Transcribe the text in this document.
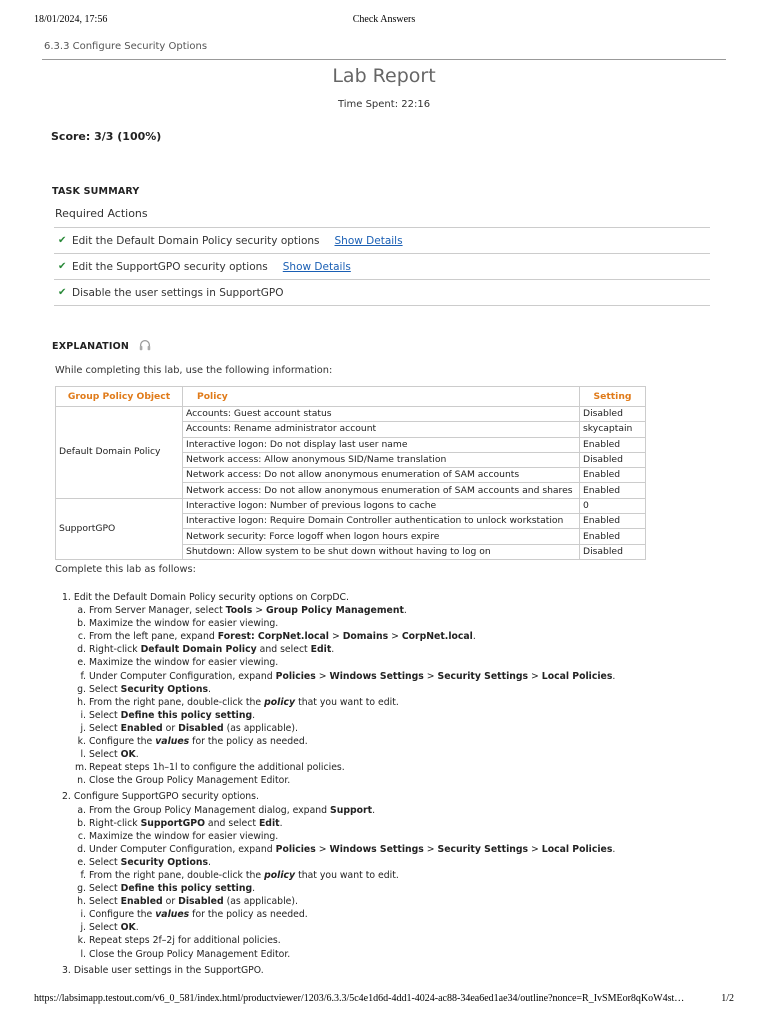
18/01/2024, 17:56	Check Answers
6.3.3 Configure Security Options
Lab Report
Time Spent: 22:16
Score: 3/3 (100%)
TASK SUMMARY
Required Actions
✔ Edit the Default Domain Policy security options Show Details
✔ Edit the SupportGPO security options Show Details
✔ Disable the user settings in SupportGPO
EXPLANATION
While completing this lab, use the following information:
Group Policy Object	Policy	Setting
Default Domain Policy	Accounts: Guest account status	Disabled
	Accounts: Rename administrator account	skycaptain
	Interactive logon: Do not display last user name	Enabled
	Network access: Allow anonymous SID/Name translation	Disabled
	Network access: Do not allow anonymous enumeration of SAM accounts	Enabled
	Network access: Do not allow anonymous enumeration of SAM accounts and shares	Enabled
SupportGPO	Interactive logon: Number of previous logons to cache	0
	Interactive logon: Require Domain Controller authentication to unlock workstation	Enabled
	Network security: Force logoff when logon hours expire	Enabled
	Shutdown: Allow system to be shut down without having to log on	Disabled
Complete this lab as follows:
1. Edit the Default Domain Policy security options on CorpDC.
a. From Server Manager, select Tools > Group Policy Management.
b. Maximize the window for easier viewing.
c. From the left pane, expand Forest: CorpNet.local > Domains > CorpNet.local.
d. Right-click Default Domain Policy and select Edit.
e. Maximize the window for easier viewing.
f. Under Computer Configuration, expand Policies > Windows Settings > Security Settings > Local Policies.
g. Select Security Options.
h. From the right pane, double-click the policy that you want to edit.
i. Select Define this policy setting.
j. Select Enabled or Disabled (as applicable).
k. Configure the values for the policy as needed.
l. Select OK.
m. Repeat steps 1h–1l to configure the additional policies.
n. Close the Group Policy Management Editor.
2. Configure SupportGPO security options.
a. From the Group Policy Management dialog, expand Support.
b. Right-click SupportGPO and select Edit.
c. Maximize the window for easier viewing.
d. Under Computer Configuration, expand Policies > Windows Settings > Security Settings > Local Policies.
e. Select Security Options.
f. From the right pane, double-click the policy that you want to edit.
g. Select Define this policy setting.
h. Select Enabled or Disabled (as applicable).
i. Configure the values for the policy as needed.
j. Select OK.
k. Repeat steps 2f–2j for additional policies.
l. Close the Group Policy Management Editor.
3. Disable user settings in the SupportGPO.
https://labsimapp.testout.com/v6_0_581/index.html/productviewer/1203/6.3.3/5c4e1d6d-4dd1-4024-ac88-34ea6ed1ae34/outline?nonce=R_IvSMEor8qKoW4st…	1/2
